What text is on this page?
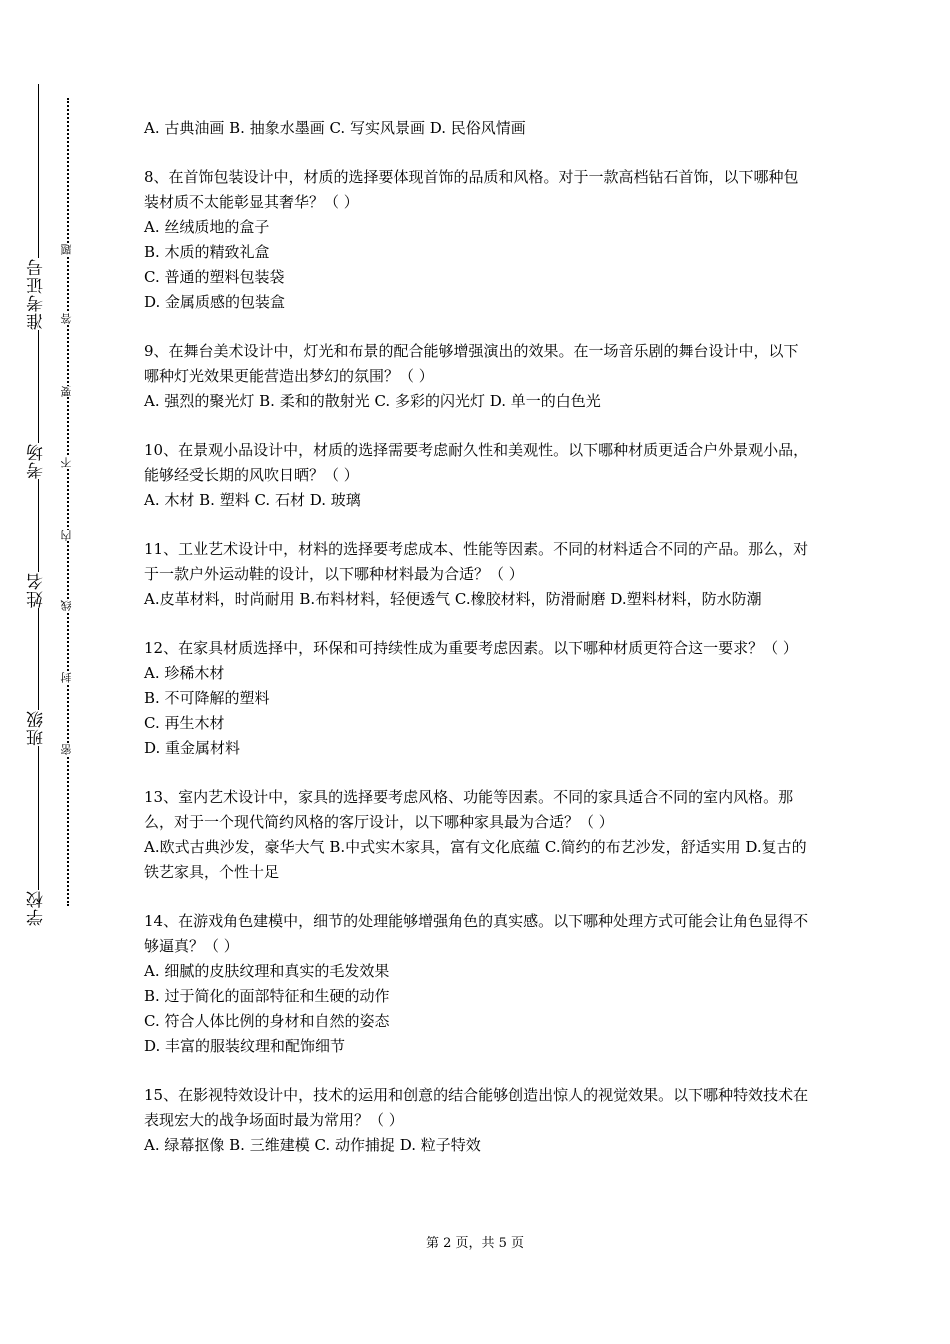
准考证号
考场
姓名
班级
学校
题
答
要
不
内
线
封
密

A. 古典油画 B. 抽象水墨画 C. 写实风景画 D. 民俗风情画

8、在首饰包装设计中，材质的选择要体现首饰的品质和风格。对于一款高档钻石首饰，以下哪种包装材质不太能彰显其奢华？（ ）

A. 丝绒质地的盒子

B. 木质的精致礼盒

C. 普通的塑料包装袋

D. 金属质感的包装盒

9、在舞台美术设计中，灯光和布景的配合能够增强演出的效果。在一场音乐剧的舞台设计中，以下哪种灯光效果更能营造出梦幻的氛围？（ ）

A. 强烈的聚光灯 B. 柔和的散射光 C. 多彩的闪光灯 D. 单一的白色光

10、在景观小品设计中，材质的选择需要考虑耐久性和美观性。以下哪种材质更适合户外景观小品，能够经受长期的风吹日晒？（ ）

A. 木材 B. 塑料 C. 石材 D. 玻璃

11、工业艺术设计中，材料的选择要考虑成本、性能等因素。不同的材料适合不同的产品。那么，对于一款户外运动鞋的设计，以下哪种材料最为合适？（ ）

A.皮革材料，时尚耐用 B.布料材料，轻便透气 C.橡胶材料，防滑耐磨 D.塑料材料，防水防潮

12、在家具材质选择中，环保和可持续性成为重要考虑因素。以下哪种材质更符合这一要求？（ ）

A. 珍稀木材

B. 不可降解的塑料

C. 再生木材

D. 重金属材料

13、室内艺术设计中，家具的选择要考虑风格、功能等因素。不同的家具适合不同的室内风格。那么，对于一个现代简约风格的客厅设计，以下哪种家具最为合适？（ ）

A.欧式古典沙发，豪华大气 B.中式实木家具，富有文化底蕴 C.简约的布艺沙发，舒适实用 D.复古的铁艺家具，个性十足

14、在游戏角色建模中，细节的处理能够增强角色的真实感。以下哪种处理方式可能会让角色显得不够逼真？（ ）

A. 细腻的皮肤纹理和真实的毛发效果

B. 过于简化的面部特征和生硬的动作

C. 符合人体比例的身材和自然的姿态

D. 丰富的服装纹理和配饰细节

15、在影视特效设计中，技术的运用和创意的结合能够创造出惊人的视觉效果。以下哪种特效技术在表现宏大的战争场面时最为常用？（ ）

A. 绿幕抠像 B. 三维建模 C. 动作捕捉 D. 粒子特效

第 2 页，共 5 页
